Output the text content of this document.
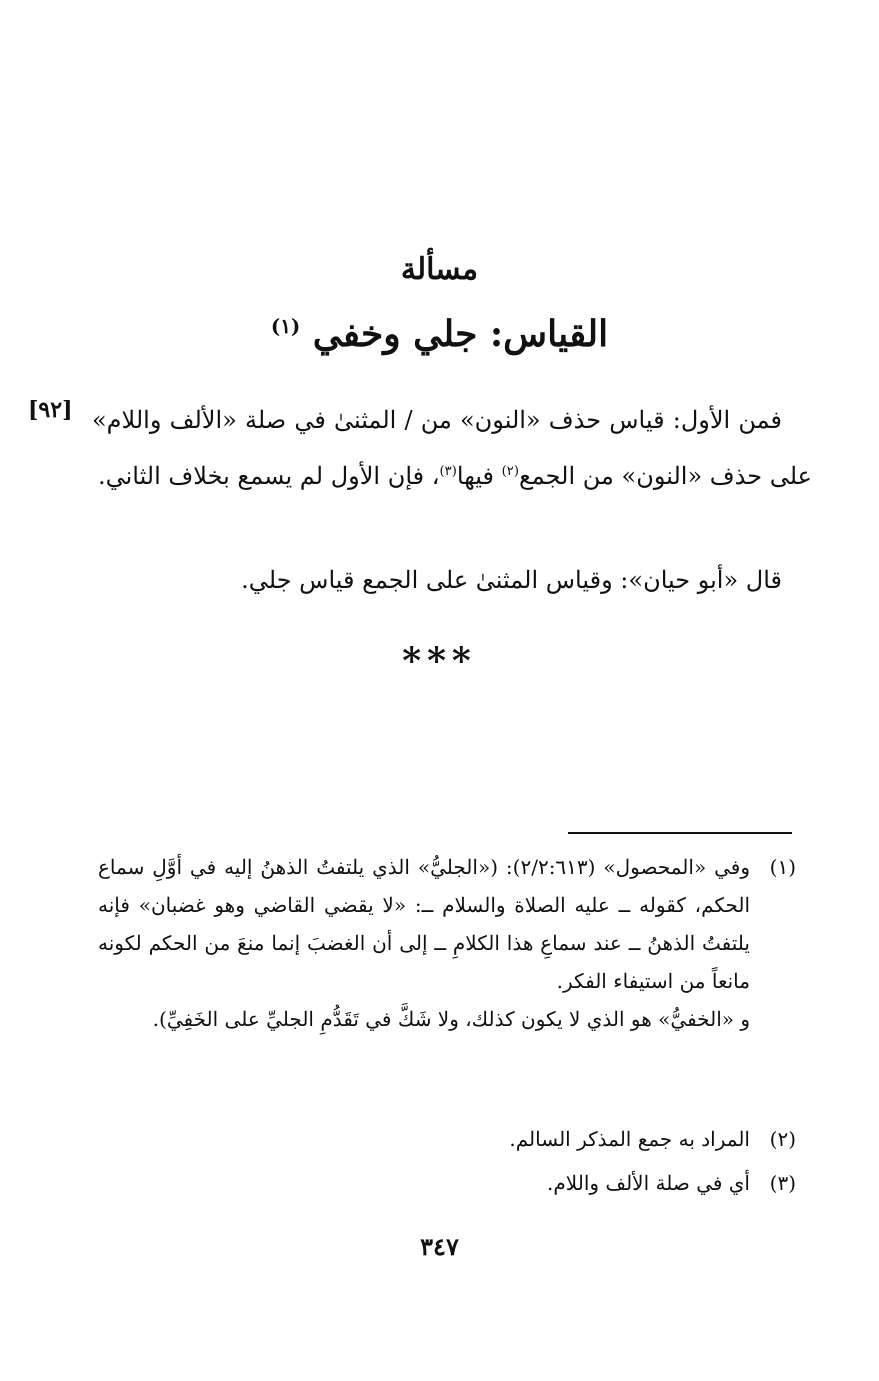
مسألة
القياس: جلي وخفي $^{(١)}$
[٩٢] فمن الأول: قياس حذف «النون» من / المثنىٰ في صلة «الألف واللام» على حذف «النون» من الجمع$^{(٢)}$ فيها$^{(٣)}$، فإن الأول لم يسمع بخلاف الثاني.
قال «أبو حيان»: وقياس المثنىٰ على الجمع قياس جلي.
***
(١)

وفي «المحصول» (٢/٢:٦١٣): («الجليُّ» الذي يلتفتُ الذهنُ إليه في أوَّلِ سماع الحكم، كقوله ــ عليه الصلاة والسلام ــ: «لا يقضي القاضي وهو غضبان» فإنه يلتفتُ الذهنُ ــ عند سماعِ هذا الكلامِ ــ إلى أن الغضبَ إنما منعَ من الحكم لكونه مانعاً من استيفاء الفكر.

و «الخفيُّ» هو الذي لا يكون كذلك، ولا شَكَّ في تَقَدُّمِ الجليِّ على الخَفِيِّ).

(٢)

المراد به جمع المذكر السالم.

(٣)

أي في صلة الألف واللام.

٣٤٧
